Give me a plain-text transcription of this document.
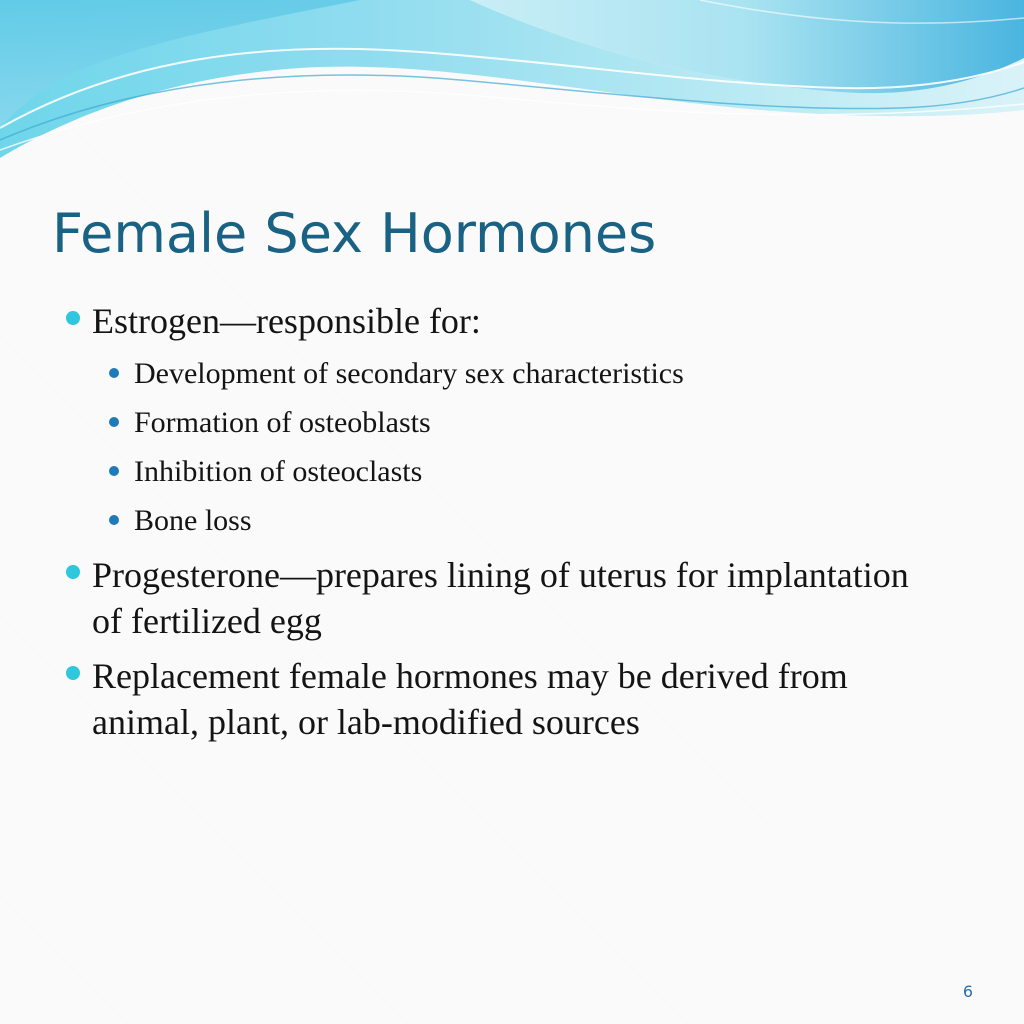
Female Sex Hormones
Estrogen—responsible for:
Development of secondary sex characteristics
Formation of osteoblasts
Inhibition of osteoclasts
Bone loss
Progesterone—prepares lining of uterus for implantation of fertilized egg
Replacement female hormones may be derived from animal, plant, or lab-modified sources
6
